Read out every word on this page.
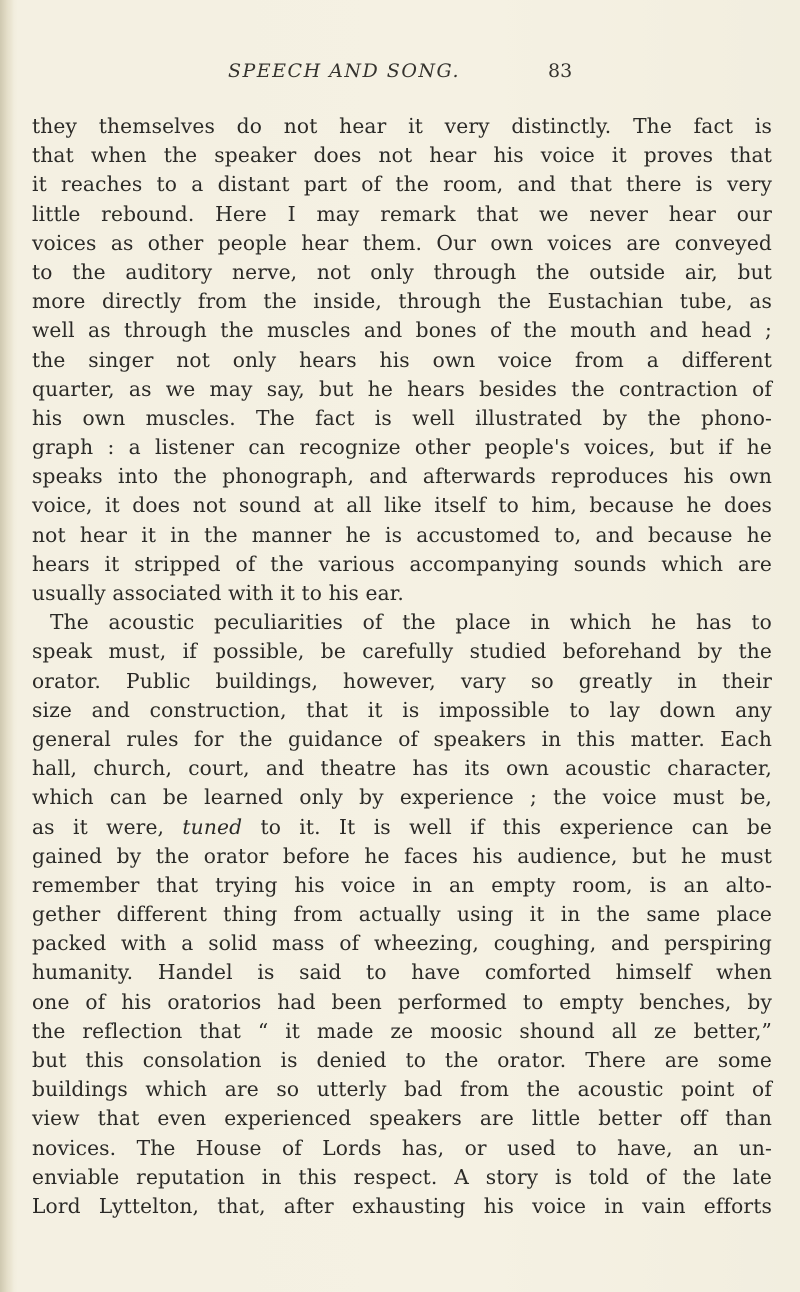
SPEECH AND SONG.	83
they themselves do not hear it very distinctly. The fact is
that when the speaker does not hear his voice it proves that
it reaches to a distant part of the room, and that there is very
little rebound. Here I may remark that we never hear our
voices as other people hear them. Our own voices are conveyed
to the auditory nerve, not only through the outside air, but
more directly from the inside, through the Eustachian tube, as
well as through the muscles and bones of the mouth and head ;
the singer not only hears his own voice from a different
quarter, as we may say, but he hears besides the contraction of
his own muscles. The fact is well illustrated by the phono-
graph : a listener can recognize other people's voices, but if he
speaks into the phonograph, and afterwards reproduces his own
voice, it does not sound at all like itself to him, because he does
not hear it in the manner he is accustomed to, and because he
hears it stripped of the various accompanying sounds which are
usually associated with it to his ear.
The acoustic peculiarities of the place in which he has to
speak must, if possible, be carefully studied beforehand by the
orator. Public buildings, however, vary so greatly in their
size and construction, that it is impossible to lay down any
general rules for the guidance of speakers in this matter. Each
hall, church, court, and theatre has its own acoustic character,
which can be learned only by experience ; the voice must be,
as it were, tuned to it. It is well if this experience can be
gained by the orator before he faces his audience, but he must
remember that trying his voice in an empty room, is an alto-
gether different thing from actually using it in the same place
packed with a solid mass of wheezing, coughing, and perspiring
humanity. Handel is said to have comforted himself when
one of his oratorios had been performed to empty benches, by
the reflection that “ it made ze moosic shound all ze better,”
but this consolation is denied to the orator. There are some
buildings which are so utterly bad from the acoustic point of
view that even experienced speakers are little better off than
novices. The House of Lords has, or used to have, an un-
enviable reputation in this respect. A story is told of the late
Lord Lyttelton, that, after exhausting his voice in vain efforts
